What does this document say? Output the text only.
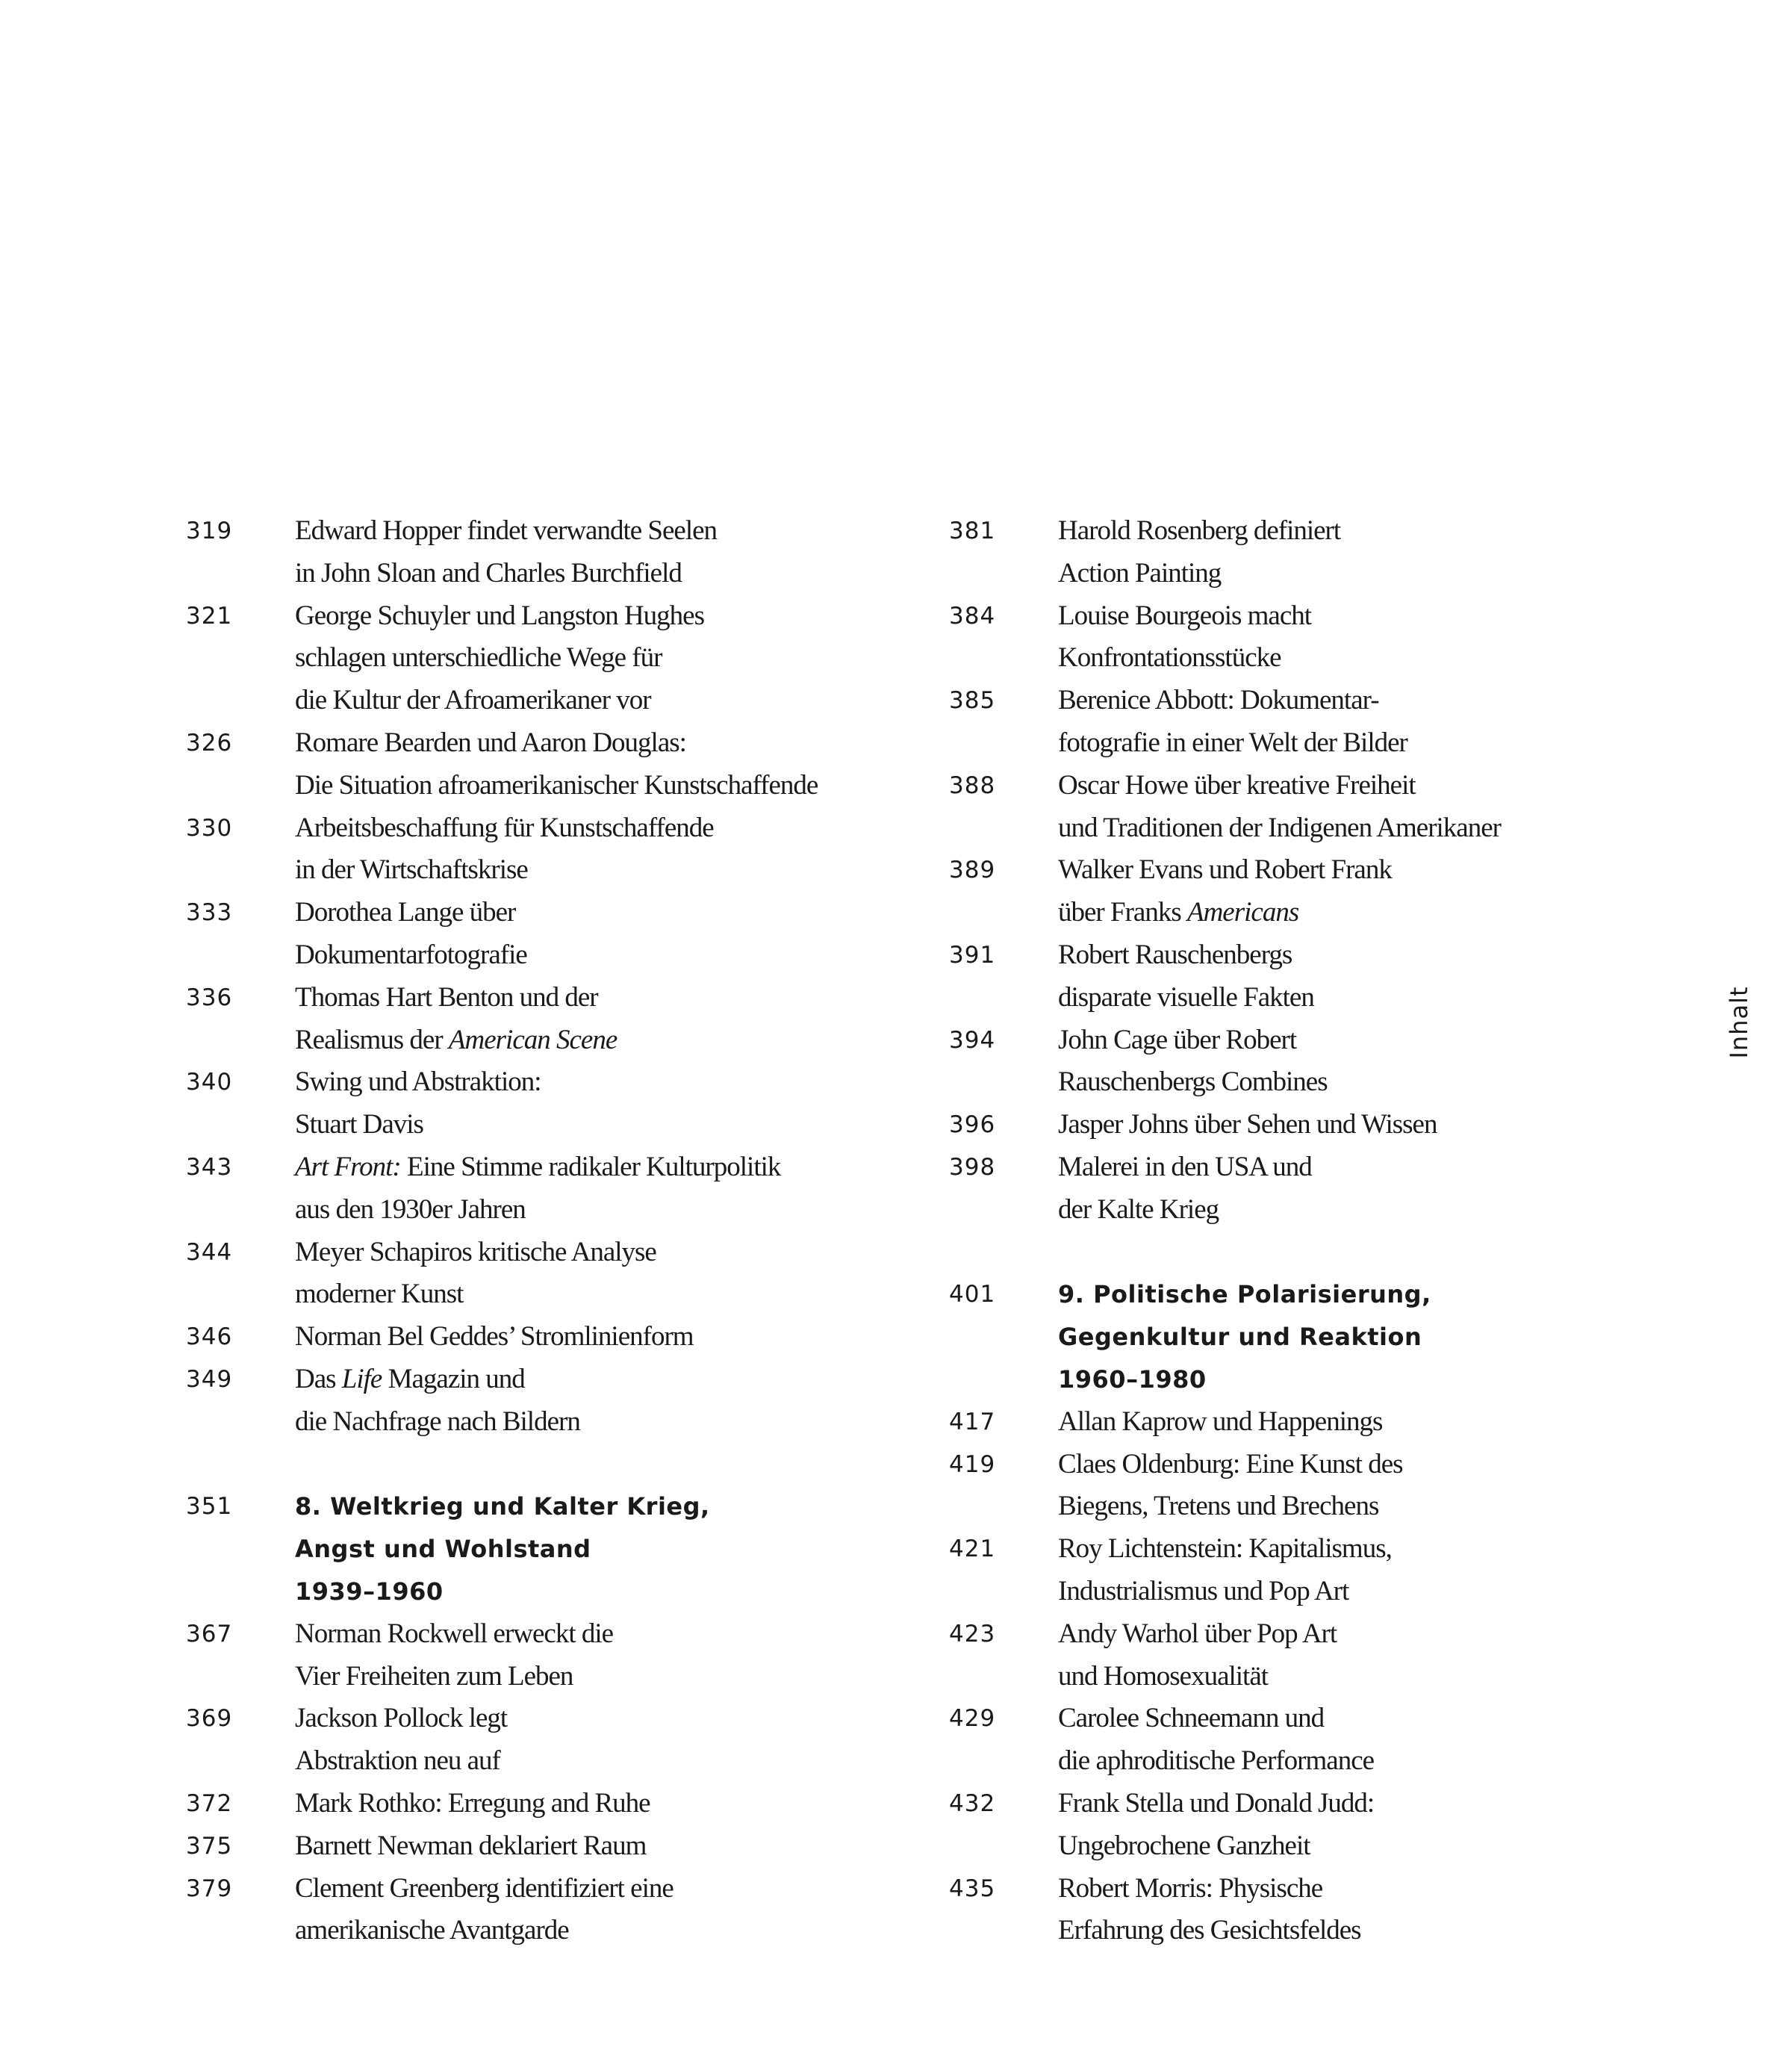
319	Edward Hopper findet verwandte Seelen
in John Sloan and Charles Burchfield
321	George Schuyler und Langston Hughes
schlagen unterschiedliche Wege für
die Kultur der Afroamerikaner vor
326	Romare Bearden und Aaron Douglas:
Die Situation afroamerikanischer Kunstschaffende
330	Arbeitsbeschaffung für Kunstschaffende
in der Wirtschaftskrise
333	Dorothea Lange über
Dokumentarfotografie
336	Thomas Hart Benton und der
Realismus der American Scene
340	Swing und Abstraktion:
Stuart Davis
343	Art Front: Eine Stimme radikaler Kulturpolitik
aus den 1930er Jahren
344	Meyer Schapiros kritische Analyse
moderner Kunst
346	Norman Bel Geddes’ Stromlinienform
349	Das Life Magazin und
die Nachfrage nach Bildern
351	8. Weltkrieg und Kalter Krieg,
Angst und Wohlstand
1939–1960
367	Norman Rockwell erweckt die
Vier Freiheiten zum Leben
369	Jackson Pollock legt
Abstraktion neu auf
372	Mark Rothko: Erregung and Ruhe
375	Barnett Newman deklariert Raum
379	Clement Greenberg identifiziert eine
amerikanische Avantgarde
381	Harold Rosenberg definiert
Action Painting
384	Louise Bourgeois macht
Konfrontationsstücke
385	Berenice Abbott: Dokumentar-
fotografie in einer Welt der Bilder
388	Oscar Howe über kreative Freiheit
und Traditionen der Indigenen Amerikaner
389	Walker Evans und Robert Frank
über Franks Americans
391	Robert Rauschenbergs
disparate visuelle Fakten
394	John Cage über Robert
Rauschenbergs Combines
396	Jasper Johns über Sehen und Wissen
398	Malerei in den USA und
der Kalte Krieg
401	9. Politische Polarisierung,
Gegenkultur und Reaktion
1960–1980
417	Allan Kaprow und Happenings
419	Claes Oldenburg: Eine Kunst des
Biegens, Tretens und Brechens
421	Roy Lichtenstein: Kapitalismus,
Industrialismus und Pop Art
423	Andy Warhol über Pop Art
und Homosexualität
429	Carolee Schneemann und
die aphroditische Performance
432	Frank Stella und Donald Judd:
Ungebrochene Ganzheit
435	Robert Morris: Physische
Erfahrung des Gesichtsfeldes
Inhalt
